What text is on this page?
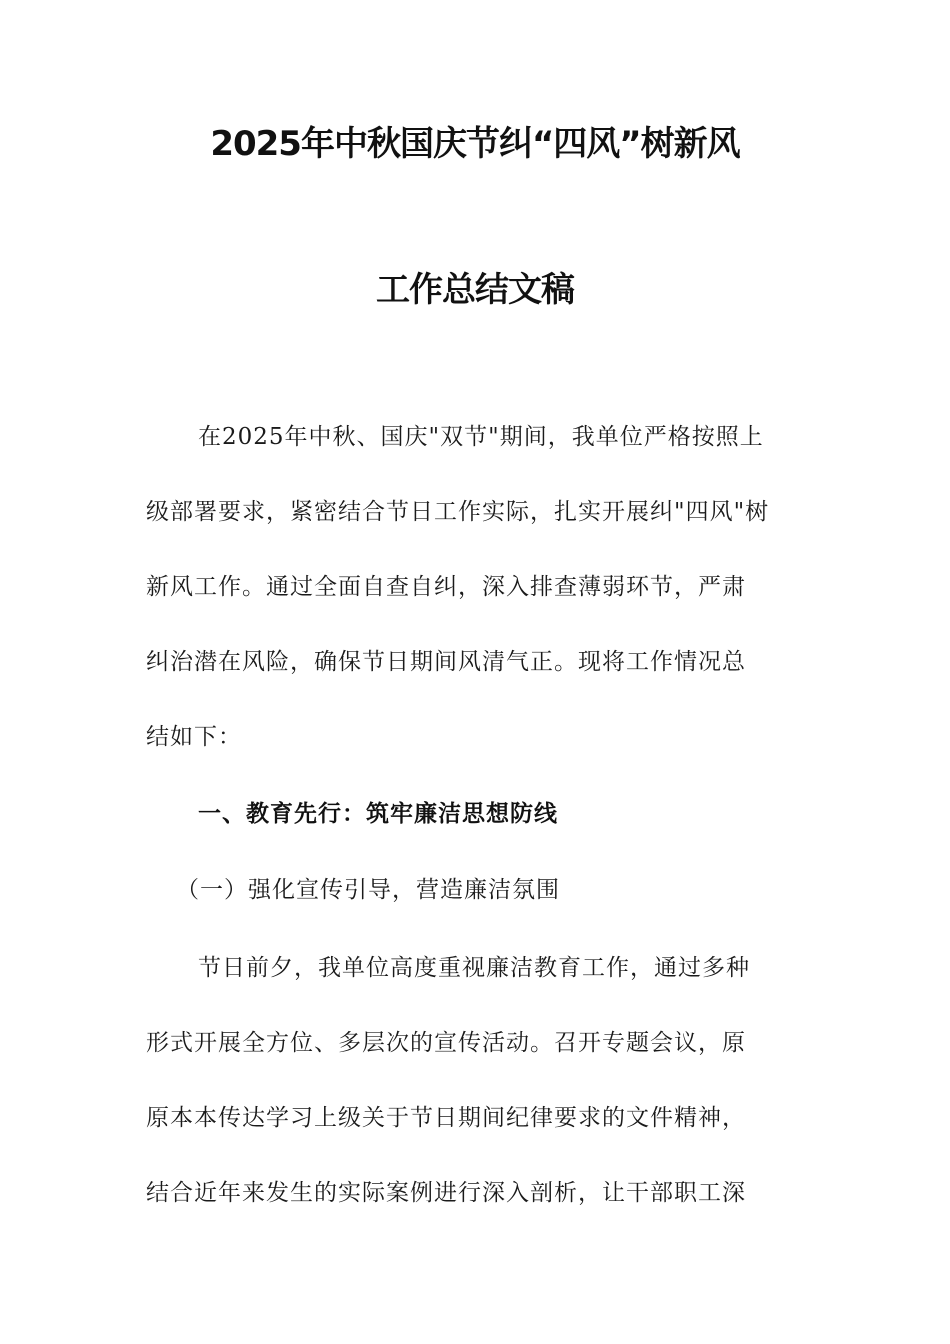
2025年中秋国庆节纠“四风”树新风
工作总结文稿
在2025年中秋、国庆"双节"期间，我单位严格按照上
级部署要求，紧密结合节日工作实际，扎实开展纠"四风"树
新风工作。通过全面自查自纠，深入排查薄弱环节，严肃
纠治潜在风险，确保节日期间风清气正。现将工作情况总
结如下：
一、教育先行：筑牢廉洁思想防线
（一）强化宣传引导，营造廉洁氛围
节日前夕，我单位高度重视廉洁教育工作，通过多种
形式开展全方位、多层次的宣传活动。召开专题会议，原
原本本传达学习上级关于节日期间纪律要求的文件精神，
结合近年来发生的实际案例进行深入剖析，让干部职工深
